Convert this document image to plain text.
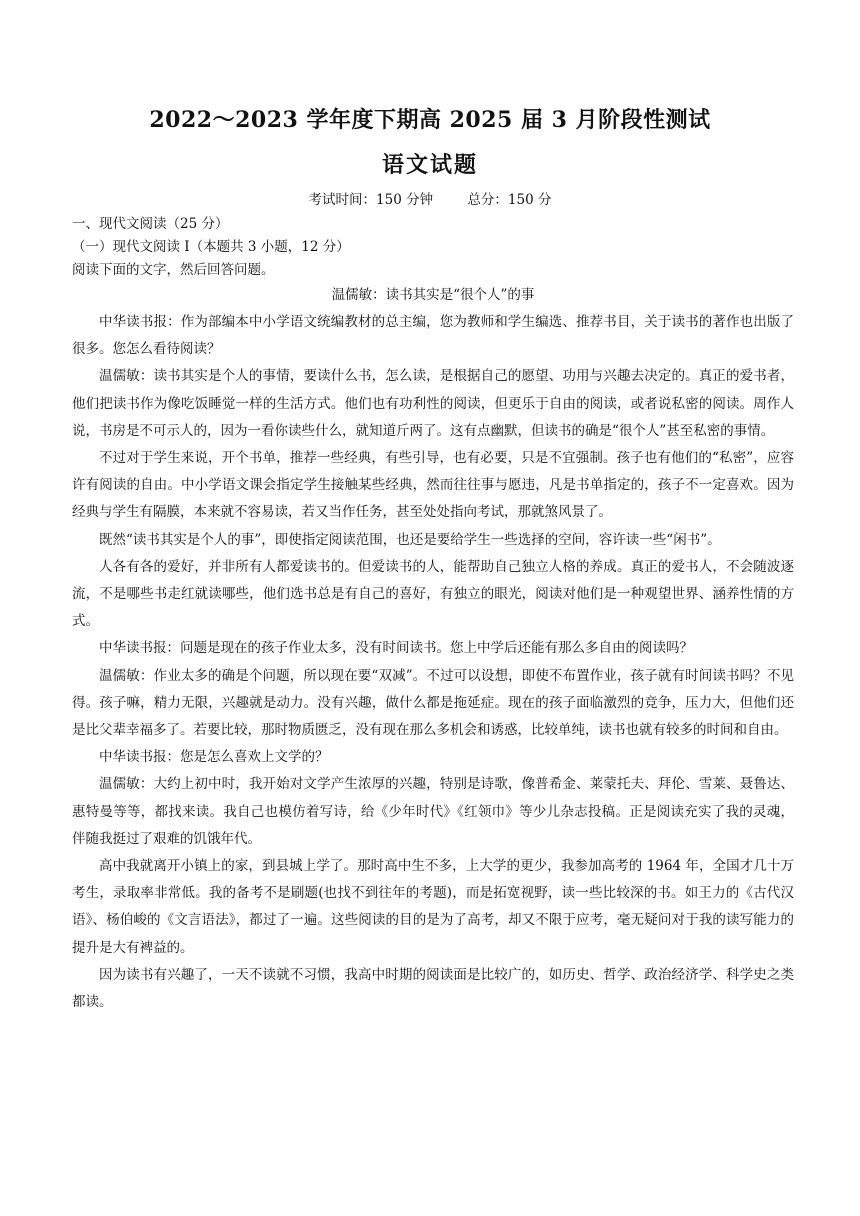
2022～2023 学年度下期高 2025 届 3 月阶段性测试
语文试题
考试时间：150 分钟	总分：150 分
一、现代文阅读（25 分）
（一）现代文阅读 I（本题共 3 小题，12 分）
阅读下面的文字，然后回答问题。
温儒敏：读书其实是“很个人”的事

中华读书报：作为部编本中小学语文统编教材的总主编，您为教师和学生编选、推荐书目，关于读书的著作也出版了很多。您怎么看待阅读？

温儒敏：读书其实是个人的事情，要读什么书，怎么读，是根据自己的愿望、功用与兴趣去决定的。真正的爱书者，他们把读书作为像吃饭睡觉一样的生活方式。他们也有功利性的阅读，但更乐于自由的阅读，或者说私密的阅读。周作人说，书房是不可示人的，因为一看你读些什么，就知道斤两了。这有点幽默，但读书的确是“很个人”甚至私密的事情。

不过对于学生来说，开个书单，推荐一些经典，有些引导，也有必要，只是不宜强制。孩子也有他们的“私密”，应容许有阅读的自由。中小学语文课会指定学生接触某些经典，然而往往事与愿违，凡是书单指定的，孩子不一定喜欢。因为经典与学生有隔膜，本来就不容易读，若又当作任务，甚至处处指向考试，那就煞风景了。

既然“读书其实是个人的事”，即使指定阅读范围，也还是要给学生一些选择的空间，容许读一些“闲书”。

人各有各的爱好，并非所有人都爱读书的。但爱读书的人，能帮助自己独立人格的养成。真正的爱书人，不会随波逐流，不是哪些书走红就读哪些，他们选书总是有自己的喜好，有独立的眼光，阅读对他们是一种观望世界、涵养性情的方式。

中华读书报：问题是现在的孩子作业太多，没有时间读书。您上中学后还能有那么多自由的阅读吗？

温儒敏：作业太多的确是个问题，所以现在要“双减”。不过可以设想，即使不布置作业，孩子就有时间读书吗？不见得。孩子嘛，精力无限，兴趣就是动力。没有兴趣，做什么都是拖延症。现在的孩子面临激烈的竞争，压力大，但他们还是比父辈幸福多了。若要比较，那时物质匮乏，没有现在那么多机会和诱惑，比较单纯，读书也就有较多的时间和自由。

中华读书报：您是怎么喜欢上文学的？

温儒敏：大约上初中时，我开始对文学产生浓厚的兴趣，特别是诗歌，像普希金、莱蒙托夫、拜伦、雪莱、聂鲁达、惠特曼等等，都找来读。我自己也模仿着写诗，给《少年时代》《红领巾》等少儿杂志投稿。正是阅读充实了我的灵魂，伴随我挺过了艰难的饥饿年代。

高中我就离开小镇上的家，到县城上学了。那时高中生不多，上大学的更少，我参加高考的 1964 年，全国才几十万考生，录取率非常低。我的备考不是刷题(也找不到往年的考题)，而是拓宽视野，读一些比较深的书。如王力的《古代汉语》、杨伯峻的《文言语法》，都过了一遍。这些阅读的目的是为了高考，却又不限于应考，毫无疑问对于我的读写能力的提升是大有裨益的。

因为读书有兴趣了，一天不读就不习惯，我高中时期的阅读面是比较广的，如历史、哲学、政治经济学、科学史之类都读。
